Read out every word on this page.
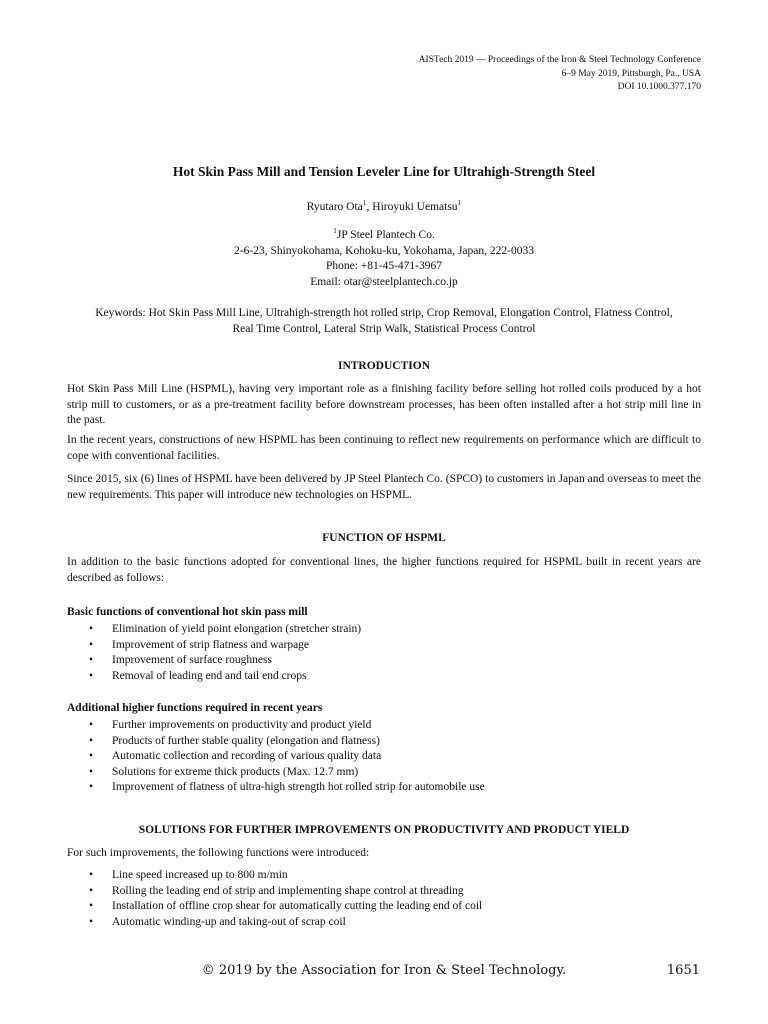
AISTech 2019 — Proceedings of the Iron & Steel Technology Conference
6–9 May 2019, Pittsburgh, Pa., USA
DOI 10.1000.377.170
Hot Skin Pass Mill and Tension Leveler Line for Ultrahigh-Strength Steel
Ryutaro Ota$^1$, Hiroyuki Uematsu$^1$
$^1$JP Steel Plantech Co.
2-6-23, Shinyokohama, Kohoku-ku, Yokohama, Japan, 222-0033
Phone: +81-45-471-3967
Email: otar@steelplantech.co.jp
Keywords: Hot Skin Pass Mill Line, Ultrahigh-strength hot rolled strip, Crop Removal, Elongation Control, Flatness Control,
Real Time Control, Lateral Strip Walk, Statistical Process Control
INTRODUCTION
Hot Skin Pass Mill Line (HSPML), having very important role as a finishing facility before selling hot rolled coils produced by a hot strip mill to customers, or as a pre-treatment facility before downstream processes, has been often installed after a hot strip mill line in the past.
In the recent years, constructions of new HSPML has been continuing to reflect new requirements on performance which are difficult to cope with conventional facilities.
Since 2015, six (6) lines of HSPML have been delivered by JP Steel Plantech Co. (SPCO) to customers in Japan and overseas to meet the new requirements. This paper will introduce new technologies on HSPML.
FUNCTION OF HSPML
In addition to the basic functions adopted for conventional lines, the higher functions required for HSPML built in recent years are described as follows:
Basic functions of conventional hot skin pass mill
• Elimination of yield point elongation (stretcher strain)
• Improvement of strip flatness and warpage
• Improvement of surface roughness
• Removal of leading end and tail end crops
Additional higher functions required in recent years
• Further improvements on productivity and product yield
• Products of further stable quality (elongation and flatness)
• Automatic collection and recording of various quality data
• Solutions for extreme thick products (Max. 12.7 mm)
• Improvement of flatness of ultra-high strength hot rolled strip for automobile use
SOLUTIONS FOR FURTHER IMPROVEMENTS ON PRODUCTIVITY AND PRODUCT YIELD
For such improvements, the following functions were introduced:
• Line speed increased up to 800 m/min
• Rolling the leading end of strip and implementing shape control at threading
• Installation of offline crop shear for automatically cutting the leading end of coil
• Automatic winding-up and taking-out of scrap coil
© 2019 by the Association for Iron & Steel Technology.	1651
